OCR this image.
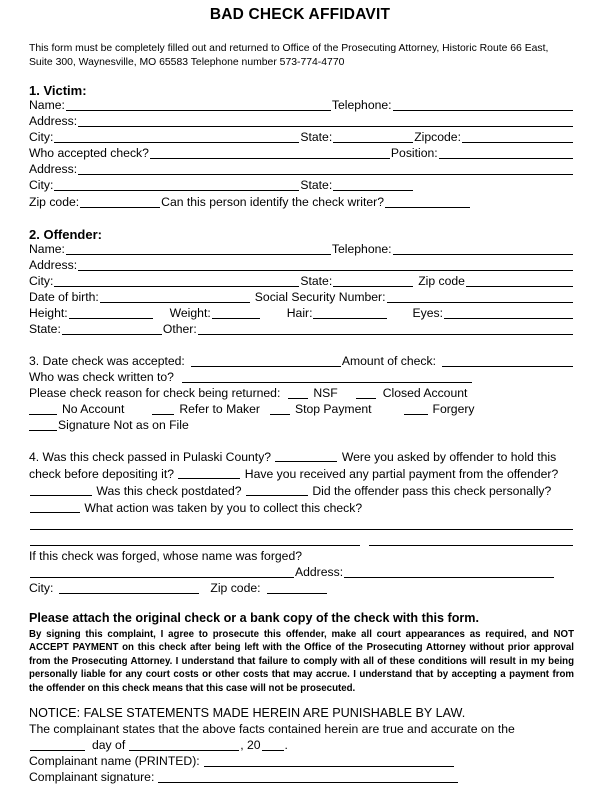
BAD CHECK AFFIDAVIT
This form must be completely filled out and returned to Office of the Prosecuting Attorney, Historic Route 66 East, Suite 300, Waynesville, MO 65583 Telephone number 573-774-4770
1. Victim:
Name:	Telephone:
Address:
City:	State:	Zipcode:
Who accepted check?	Position:
Address:
City:	State:
Zip code:	Can this person identify the check writer?
2. Offender:
Name:	Telephone:
Address:
City:	State:	Zip code
Date of birth:	Social Security Number:
Height:	Weight:	Hair:	Eyes:
State:	Other:
3. Date check was accepted:	Amount of check:
Who was check written to?
Please check reason for check being returned:	NSF	Closed Account
No Account	Refer to Maker	Stop Payment	Forgery
Signature Not as on File
4. Was this check passed in Pulaski County?	Were you asked by offender to hold this check before depositing it?	Have you received any partial payment from the offender?  Was this check postdated?	Did the offender pass this check personally?  What action was taken by you to collect this check?
If this check was forged, whose name was forged?
Address:
City:	Zip code:
Please attach the original check or a bank copy of the check with this form.
By signing this complaint, I agree to prosecute this offender, make all court appearances as required, and NOT ACCEPT PAYMENT on this check after being left with the Office of the Prosecuting Attorney without prior approval from the Prosecuting Attorney. I understand that failure to comply with all of these conditions will result in my being personally liable for any court costs or other costs that may accrue. I understand that by accepting a payment from the offender on this check means that this case will not be prosecuted.
NOTICE: FALSE STATEMENTS MADE HEREIN ARE PUNISHABLE BY LAW.
The complainant states that the above facts contained herein are true and accurate on the
day of	, 20 .
Complainant name (PRINTED):
Complainant signature:
